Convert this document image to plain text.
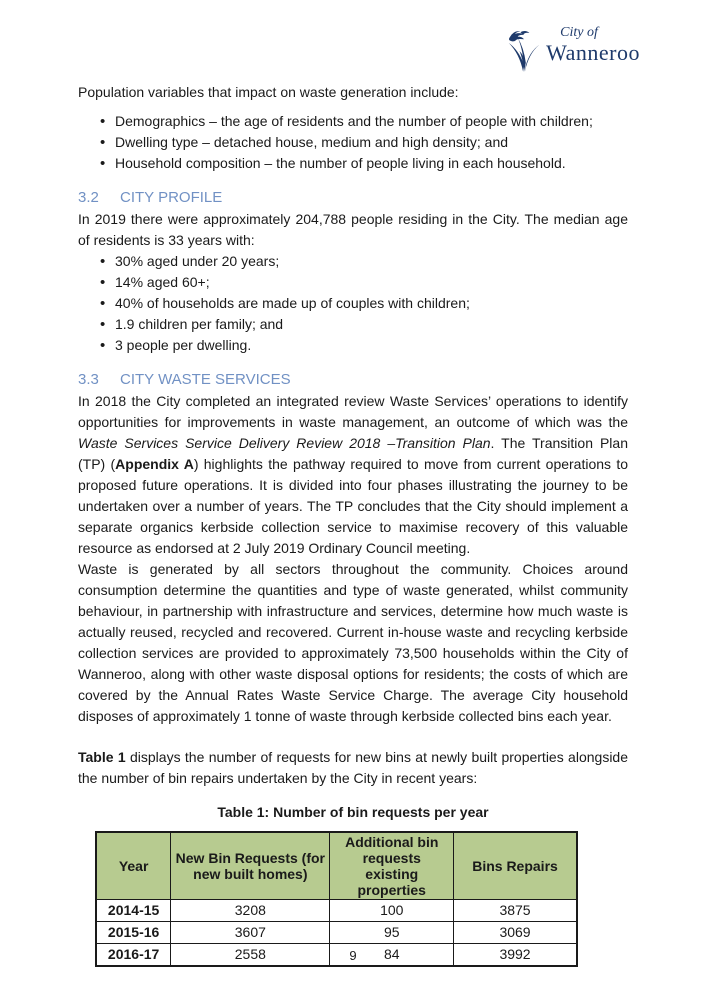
City of
Wanneroo

Population variables that impact on waste generation include:

• Demographics – the age of residents and the number of people with children;
• Dwelling type – detached house, medium and high density; and
• Household composition – the number of people living in each household.
3.2	CITY PROFILE

In 2019 there were approximately 204,788 people residing in the City. The median age of residents is 33 years with:

• 30% aged under 20 years;
• 14% aged 60+;
• 40% of households are made up of couples with children;
• 1.9 children per family; and
• 3 people per dwelling.
3.3	CITY WASTE SERVICES

In 2018 the City completed an integrated review Waste Services’ operations to identify opportunities for improvements in waste management, an outcome of which was the Waste Services Service Delivery Review 2018 –Transition Plan. The Transition Plan (TP) (Appendix A) highlights the pathway required to move from current operations to proposed future operations. It is divided into four phases illustrating the journey to be undertaken over a number of years. The TP concludes that the City should implement a separate organics kerbside collection service to maximise recovery of this valuable resource as endorsed at 2 July 2019 Ordinary Council meeting.

Waste is generated by all sectors throughout the community. Choices around consumption determine the quantities and type of waste generated, whilst community behaviour, in partnership with infrastructure and services, determine how much waste is actually reused, recycled and recovered. Current in-house waste and recycling kerbside collection services are provided to approximately 73,500 households within the City of Wanneroo, along with other waste disposal options for residents; the costs of which are covered by the Annual Rates Waste Service Charge. The average City household disposes of approximately 1 tonne of waste through kerbside collected bins each year.

Table 1 displays the number of requests for new bins at newly built properties alongside the number of bin repairs undertaken by the City in recent years:

Table 1: Number of bin requests per year

Year	New Bin Requests (for new built homes)	Additional bin requests existing properties	Bins Repairs
2014-15	3208	100	3875
2015-16	3607	95	3069
2016-17	2558	84	3992
9
